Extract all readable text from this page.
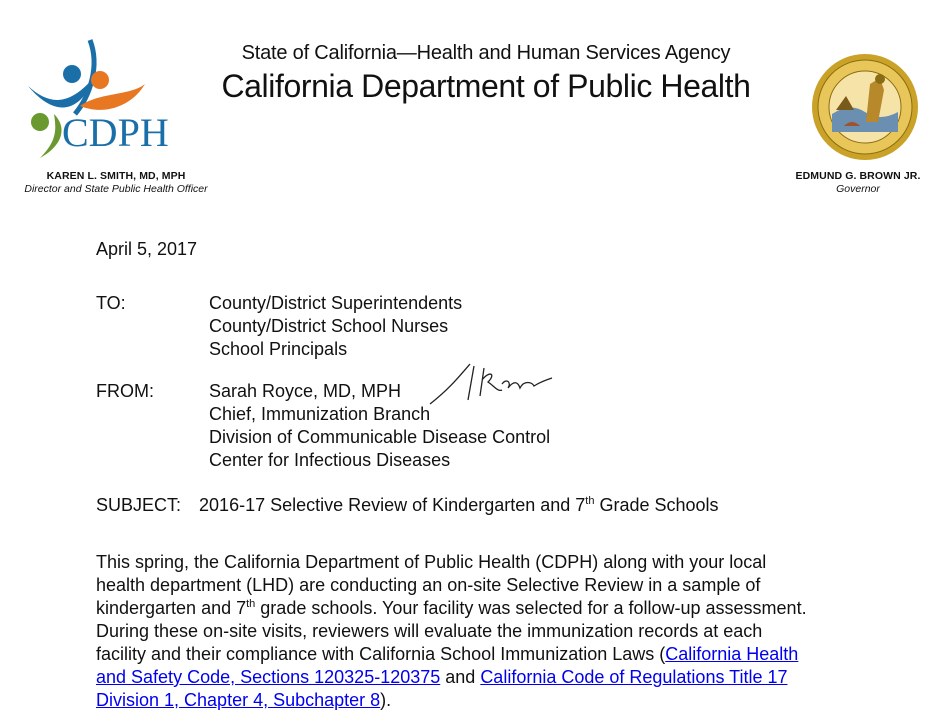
State of California—Health and Human Services Agency
California Department of Public Health
CDPH
KAREN L. SMITH, MD, MPH
Director and State Public Health Officer
EDMUND G. BROWN JR.
Governor
April 5, 2017
TO:	County/District Superintendents
County/District School Nurses
School Principals
FROM:	Sarah Royce, MD, MPH
Chief, Immunization Branch
Division of Communicable Disease Control
Center for Infectious Diseases
SUBJECT: 2016-17 Selective Review of Kindergarten and 7th Grade Schools
This spring, the California Department of Public Health (CDPH) along with your local
health department (LHD) are conducting an on-site Selective Review in a sample of
kindergarten and 7th grade schools. Your facility was selected for a follow-up assessment.
During these on-site visits, reviewers will evaluate the immunization records at each
facility and their compliance with California School Immunization Laws (California Health
and Safety Code, Sections 120325-120375 and California Code of Regulations Title 17
Division 1, Chapter 4, Subchapter 8).
